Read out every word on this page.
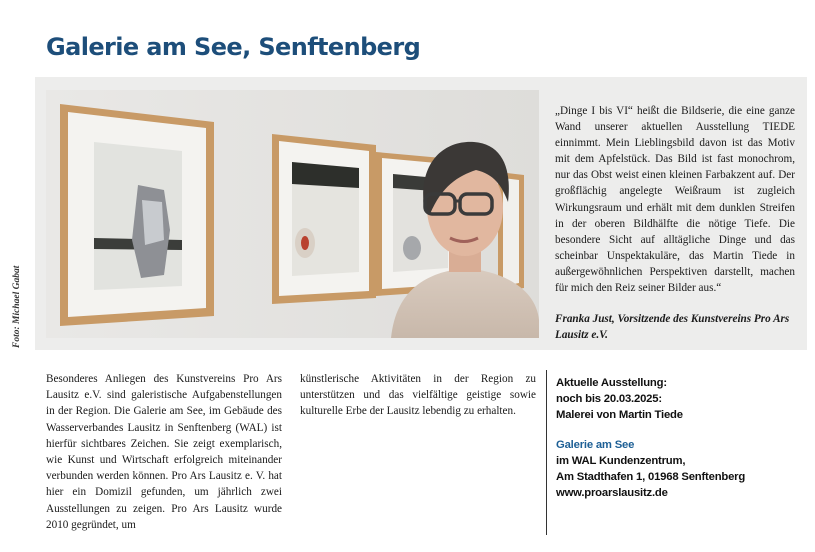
Galerie am See, Senftenberg
Foto: Michael Gabat
„Dinge I bis VI“ heißt die Bildserie, die eine ganze Wand unserer aktuellen Ausstellung TIEDE einnimmt. Mein Lieblingsbild davon ist das Motiv mit dem Apfelstück. Das Bild ist fast monochrom, nur das Obst weist einen kleinen Farbakzent auf. Der großflächig angelegte Weißraum ist zugleich Wirkungsraum und erhält mit dem dunklen Streifen in der oberen Bildhälfte die nötige Tiefe. Die besondere Sicht auf alltägliche Dinge und das scheinbar Unspektakuläre, das Martin Tiede in außergewöhnlichen Perspektiven darstellt, machen für mich den Reiz seiner Bilder aus.“
Franka Just, Vorsitzende des Kunstvereins Pro Ars Lausitz e.V.
Besonderes Anliegen des Kunstvereins Pro Ars Lausitz e.V. sind galeristische Aufgabenstellungen in der Region. Die Galerie am See, im Gebäude des Wasserverbandes Lausitz in Senftenberg (WAL) ist hierfür sichtbares Zeichen. Sie zeigt exemplarisch, wie Kunst und Wirtschaft erfolgreich miteinander verbunden werden können. Pro Ars Lausitz e. V. hat hier ein Domizil gefunden, um jährlich zwei Ausstellungen zu zeigen. Pro Ars Lausitz wurde 2010 gegründet, um
künstlerische Aktivitäten in der Region zu unterstützen und das vielfältige geistige sowie kulturelle Erbe der Lausitz lebendig zu erhalten.
Aktuelle Ausstellung:
noch bis 20.03.2025:
Malerei von Martin Tiede
Galerie am See
im WAL Kundenzentrum,
Am Stadthafen 1, 01968 Senftenberg
www.proarslausitz.de
